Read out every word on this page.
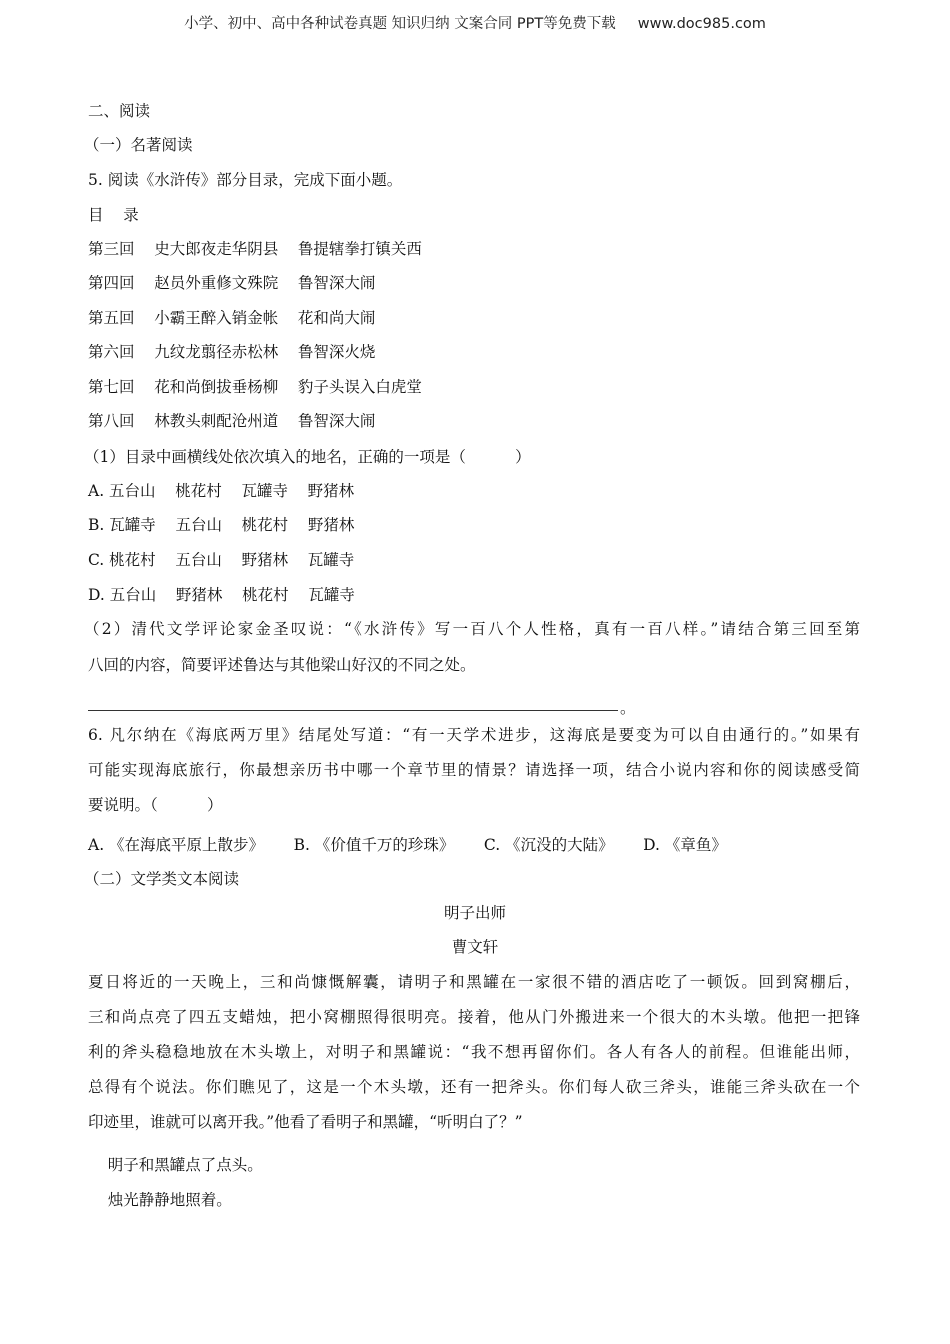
小学、初中、高中各种试卷真题 知识归纳 文案合同 PPT等免费下载 www.doc985.com
二、阅读
（一）名著阅读
5. 阅读《水浒传》部分目录，完成下面小题。
目    录
第三回    史大郎夜走华阴县    鲁提辖拳打镇关西
第四回    赵员外重修文殊院    鲁智深大闹
第五回    小霸王醉入销金帐    花和尚大闹
第六回    九纹龙翦径赤松林    鲁智深火烧
第七回    花和尚倒拔垂杨柳    豹子头误入白虎堂
第八回    林教头刺配沧州道    鲁智深大闹
（1）目录中画横线处依次填入的地名，正确的一项是（          ）
A. 五台山    桃花村    瓦罐寺    野猪林
B. 瓦罐寺    五台山    桃花村    野猪林
C. 桃花村    五台山    野猪林    瓦罐寺
D. 五台山    野猪林    桃花村    瓦罐寺
（2）清代文学评论家金圣叹说：“《水浒传》写一百八个人性格，真有一百八样。”请结合第三回至第
八回的内容，简要评述鲁达与其他梁山好汉的不同之处。
。
6. 凡尔纳在《海底两万里》结尾处写道：“有一天学术进步，这海底是要变为可以自由通行的。”如果有
可能实现海底旅行，你最想亲历书中哪一个章节里的情景？请选择一项，结合小说内容和你的阅读感受简
要说明。（          ）
A. 《在海底平原上散步》      B. 《价值千万的珍珠》      C. 《沉没的大陆》      D. 《章鱼》
（二）文学类文本阅读
明子出师
曹文轩
夏日将近的一天晚上，三和尚慷慨解囊，请明子和黑罐在一家很不错的酒店吃了一顿饭。回到窝棚后，
三和尚点亮了四五支蜡烛，把小窝棚照得很明亮。接着，他从门外搬进来一个很大的木头墩。他把一把锋
利的斧头稳稳地放在木头墩上，对明子和黑罐说：“我不想再留你们。各人有各人的前程。但谁能出师，
总得有个说法。你们瞧见了，这是一个木头墩，还有一把斧头。你们每人砍三斧头，谁能三斧头砍在一个
印迹里，谁就可以离开我。”他看了看明子和黑罐，“听明白了？”
明子和黑罐点了点头。
烛光静静地照着。
